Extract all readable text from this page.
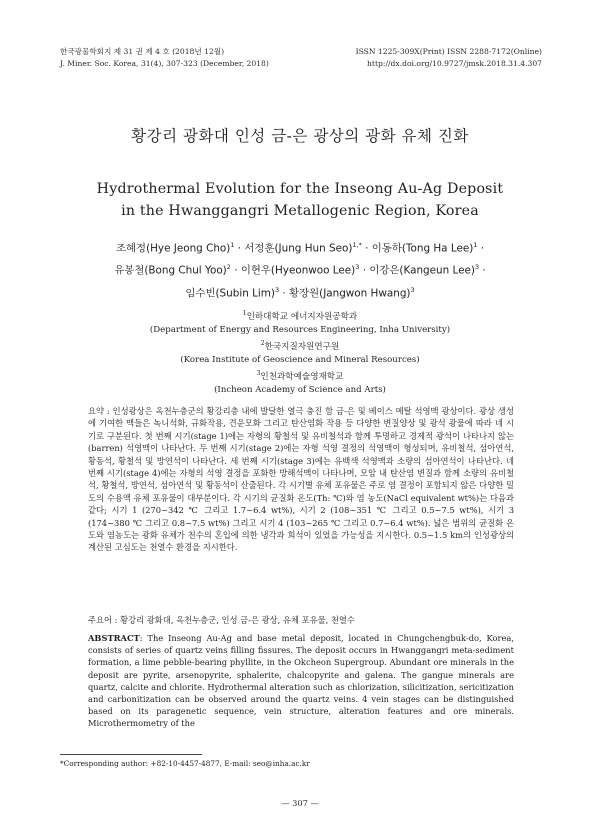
한국광물학회지 제 31 권 제 4 호 (2018년 12월)
J. Miner. Soc. Korea, 31(4), 307-323 (December, 2018)
ISSN 1225-309X(Print) ISSN 2288-7172(Online)
http://dx.doi.org/10.9727/jmsk.2018.31.4.307
황강리 광화대 인성 금-은 광상의 광화 유체 진화
Hydrothermal Evolution for the Inseong Au-Ag Deposit
in the Hwanggangri Metallogenic Region, Korea
조혜정(Hye Jeong Cho)$^1$ · 서정훈(Jung Hun Seo)$^{1,*}$ · 이동하(Tong Ha Lee)$^1$ ·
유봉철(Bong Chul Yoo)$^2$ · 이현우(Hyeonwoo Lee)$^3$ · 이강은(Kangeun Lee)$^3$ ·
임수빈(Subin Lim)$^3$ · 황장원(Jangwon Hwang)$^3$
$^1$인하대학교 에너지자원공학과
(Department of Energy and Resources Engineering, Inha University)
$^2$한국지질자원연구원
(Korea Institute of Geoscience and Mineral Resources)
$^3$인천과학예술영재학교
(Incheon Academy of Science and Arts)
요약 : 인성광상은 옥천누층군의 황강리층 내에 발달한 열극 충진 함 금-은 및 베이스 메탈 석영맥 광상이다. 광상 생성에 기여한 맥들은 녹니석화, 규화작용, 견운모화 그리고 탄산염화 작용 등 다양한 변질양상 및 광석 광물에 따라 네 시기로 구분된다. 첫 번째 시기(stage 1)에는 자형의 황철석 및 유비철석과 함께 투명하고 경제적 광석이 나타나지 않는(barren) 석영맥이 나타난다. 두 번째 시기(stage 2)에는 자형 석영 결정의 석영맥이 형성되며, 유비철석, 섬아연석, 황동석, 황철석 및 방연석이 나타난다. 세 번째 시기(stage 3)에는 유백색 석영맥과 소량의 섬아연석이 나타난다. 네 번째 시기(stage 4)에는 자형의 석영 결정을 포화한 방해석맥이 나타나며, 모암 내 탄산염 변질과 함께 소량의 유비철석, 황철석, 방연석, 섬아연석 및 황동석이 산출된다. 각 시기별 유체 포유물은 주로 염 결정이 포함되지 않은 다양한 밀도의 수용액 유체 포유물이 대부분이다. 각 시기의 균질화 온도(Th: ℃)와 염 농도(NaCl equivalent wt%)는 다음과 같다; 시기 1 (270~342 ℃ 그리고 1.7~6.4 wt%), 시기 2 (108~351 ℃ 그리고 0.5~7.5 wt%), 시기 3 (174~380 ℃ 그리고 0.8~7.5 wt%) 그리고 시기 4 (103~265 ℃ 그리고 0.7~6.4 wt%). 넓은 범위의 균질화 온도와 염농도는 광화 유체가 천수의 혼입에 의한 냉각과 희석이 있었을 가능성을 지시한다. 0.5~1.5 km의 인성광상의 계산된 고심도는 천열수 환경을 지시한다.
주요어 : 황강리 광화대, 옥천누층군, 인성 금-은 광상, 유체 포유물, 천열수
ABSTRACT: The Inseong Au-Ag and base metal deposit, located in Chungchengbuk-do, Korea, consists of series of quartz veins filling fissures. The deposit occurs in Hwanggangri meta-sediment formation, a lime pebble-bearing phyllite, in the Okcheon Supergroup. Abundant ore minerals in the deposit are pyrite, arsenopyrite, sphalerite, chalcopyrite and galena. The gangue minerals are quartz, calcite and chlorite. Hydrothermal alteration such as chlorization, silicitization, sericitization and carbonitization can be observed around the quartz veins. 4 vein stages can be distinguished based on its paragenetic sequence, vein structure, alteration features and ore minerals. Microthermometry of the
*Corresponding author: +82-10-4457-4877, E-mail: seo@inha.ac.kr
— 307 —
